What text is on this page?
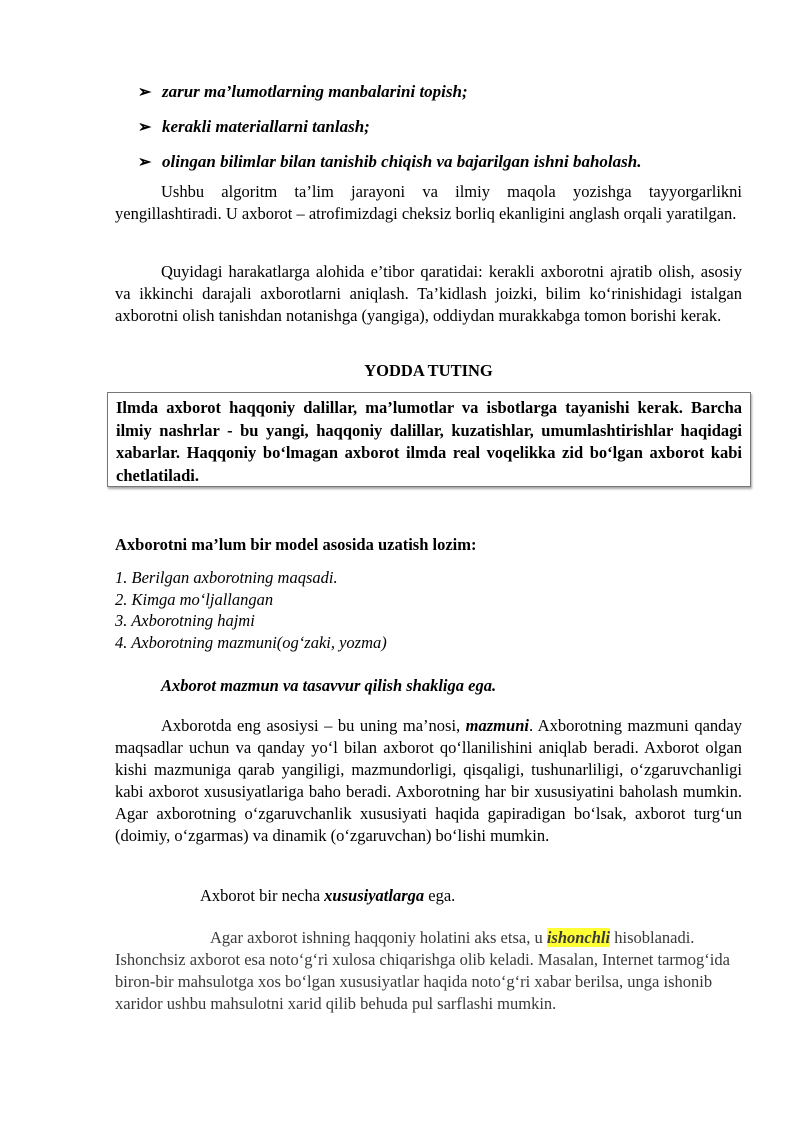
➢ zarur ma’lumotlarning manbalarini topish;
➢ kerakli materiallarni tanlash;
➢ olingan bilimlar bilan tanishib chiqish va bajarilgan ishni baholash.

Ushbu algoritm ta’lim jarayoni va ilmiy maqola yozishga tayyorgarlikni yengillashtiradi. U axborot – atrofimizdagi cheksiz borliq ekanligini anglash orqali yaratilgan.

Quyidagi harakatlarga alohida e’tibor qaratidai: kerakli axborotni ajratib olish, asosiy va ikkinchi darajali axborotlarni aniqlash. Ta’kidlash joizki, bilim ko‘rinishidagi istalgan axborotni olish tanishdan notanishga (yangiga), oddiydan murakkabga tomon borishi kerak.

YODDA TUTING
Ilmda axborot haqqoniy dalillar, ma’lumotlar va isbotlarga tayanishi kerak. Barcha ilmiy nashrlar - bu yangi, haqqoniy dalillar, kuzatishlar, umumlashtirishlar haqidagi xabarlar. Haqqoniy bo‘lmagan axborot ilmda real voqelikka zid bo‘lgan axborot kabi chetlatiladi.
Axborotni ma’lum bir model asosida uzatish lozim:
1. Berilgan axborotning maqsadi.
2. Kimga mo‘ljallangan
3. Axborotning hajmi
4. Axborotning mazmuni(og‘zaki, yozma)
Axborot mazmun va tasavvur qilish shakliga ega.

Axborotda eng asosiysi – bu uning ma’nosi, mazmuni. Axborotning mazmuni qanday maqsadlar uchun va qanday yo‘l bilan axborot qo‘llanilishini aniqlab beradi. Axborot olgan kishi mazmuniga qarab yangiligi, mazmundorligi, qisqaligi, tushunarliligi, o‘zgaruvchanligi kabi axborot xususiyatlariga baho beradi. Axborotning har bir xususiyatini baholash mumkin. Agar axborotning o‘zgaruvchanlik xususiyati haqida gapiradigan bo‘lsak, axborot turg‘un (doimiy, o‘zgarmas) va dinamik (o‘zgaruvchan) bo‘lishi mumkin.

Axborot bir necha xususiyatlarga ega.

Agar axborot ishning haqqoniy holatini aks etsa, u ishonchli hisoblanadi. Ishonchsiz axborot esa noto‘g‘ri xulosa chiqarishga olib keladi. Masalan, Internet tarmog‘ida biron-bir mahsulotga xos bo‘lgan xususiyatlar haqida noto‘g‘ri xabar berilsa, unga ishonib xaridor ushbu mahsulotni xarid qilib behuda pul sarflashi mumkin.
